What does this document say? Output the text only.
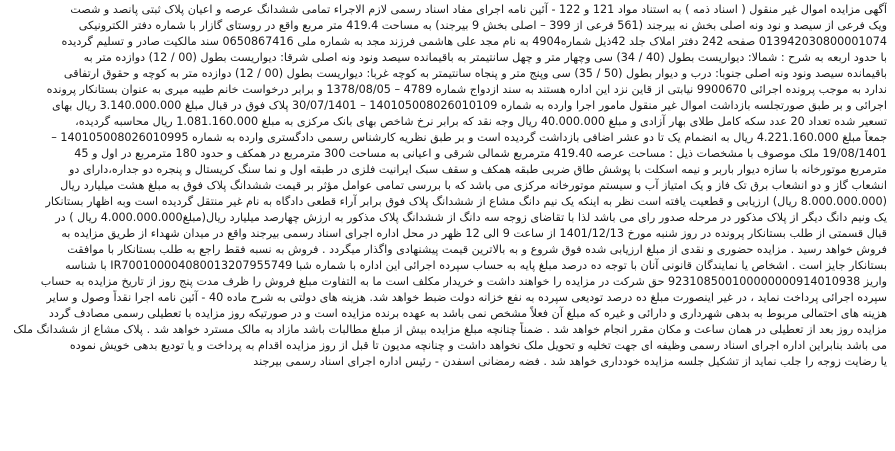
آگهی مزایده اموال غیر منقول ( اسناد ذمه ) به استناد مواد 121 و 122 - آئین نامه اجرای مفاد اسناد رسمی لازم الاجراء تمامی ششدانگ عرصه و اعیان پلاک ثبتی پانصد و شصت
ویک فرعی از سیصد و نود ونه اصلی بخش نه بیرجند (561 فرعی از 399 – اصلی بخش 9 بیرجند) به مساحت 419.4 متر مربع واقع در روستای گازار با شماره دفتر الکترونیکی
013942030800001074 صفحه 242 دفتر املاک جلد 42ذیل شماره4904 به نام مجد علی هاشمی فرزند مجد به شماره ملی 0650867416 سند مالکیت صادر و تسلیم گردیده
با حدود اربعه به شرح : شمالا: دیواریست بطول (40 / 34) سی وچهار متر و چهل سانتیمتر به باقیمانده سیصد ونود ونه اصلی شرقا: دیواریست بطول (00 / 12) دوازده متر به
باقیمانده سیصد ونود ونه اصلی جنوبا: درب و دیوار بطول (50 / 35) سی وپنج متر و پنجاه سانتیمتر به کوچه غربا: دیواریست بطول (00 / 12) دوازده متر به کوچه و حقوق ارتفاقی
ندارد به موجب پرونده اجرائی 9900670 نیابتی از قاین نزد این اداره هستند به سند ازدواج شماره 4789 – 1378/08/05 و برابر درخواست خانم طیبه میری به عنوان بستانکار پرونده
اجرائی و بر طبق صورتجلسه بازداشت اموال غیر منقول مامور اجرا وارده به شماره 140105008026010109 – 30/07/1401 پلاک فوق در قبال مبلغ 3.140.000.000 ریال بهای
تسعیر شده تعداد 20 عدد سکه کامل طلای بهار آزادی و مبلغ 40.000.000 ریال وجه نقد که برابر نرخ شاخص بهای بانک مرکزی به مبلغ 1.081.160.000 ریال محاسبه گردیده،
جمعاً مبلغ 4.221.160.000 ریال به انضمام یک تا دو عشر اضافی بازداشت گردیده است و بر طبق نظریه کارشناس رسمی دادگستری وارده به شماره 140105008026010995 –
19/08/1401 ملک موصوف با مشخصات ذیل : مساحت عرصه 419.40 مترمربع شمالی شرقی و اعیانی به مساحت 300 مترمربع در همکف و حدود 180 مترمربع در اول و 45
مترمربع موتورخانه با سازه دیوار باربر و نیمه اسکلت با پوشش طاق ضربی طبقه همکف و سقف سبک ایرانیت فلزی در طبقه اول و نما سنگ کریستال و پنجره دو جداره،دارای دو
انشعاب گاز و دو انشعاب برق تک فاز و یک امتیاز آب و سیستم موتورخانه مرکزی می باشد که با بررسی تمامی عوامل مؤثر بر قیمت ششدانگ پلاک فوق به مبلغ هشت میلیارد ریال
(8.000.000.000 ریال) ارزیابی و قطعیت یافته است نظر به اینکه یک نیم دانگ مشاع از ششدانگ پلاک فوق برابر آراء قطعی دادگاه به نام غیر منتقل گردیده است وبه اظهار بستانکار
یک ونیم دانگ دیگر از پلاک مذکور در مرحله صدور رای می باشد لذا با تقاضای زوجه سه دانگ از ششدانگ پلاک مذکور به ارزش چهارصد میلیارد ریال(مبلغ4.000.000.000 ریال ) در
قبال قسمتی از طلب بستانکار پرونده در روز شنبه مورخ 1401/12/13 از ساعت 9 الی 12 ظهر در محل اداره اجرای اسناد رسمی بیرجند واقع در میدان شهداء از طریق مزایده به
فروش خواهد رسید . مزایده حضوری و نقدی از مبلغ ارزیابی شده فوق شروع و به بالاترین قیمت پیشنهادی واگذار میگردد . فروش به نسبه فقط راجع به طلب بستانکار با موافقت
بستانکار جایز است . اشخاص یا نمایندگان قانونی آنان با توجه ده درصد مبلغ پایه به حساب سپرده اجرائی این اداره با شماره شبا IR700100004080013207955749 با شناسه
واریز 923108500100000000914010938 حق شرکت در مزایده را خواهند داشت و خریدار مکلف است ما به التفاوت مبلغ فروش را ظرف مدت پنج روز از تاریخ مزایده به حساب
سپرده اجرائی پرداخت نماید ، در غیر اینصورت مبلغ ده درصد تودیعی سپرده به نفع خزانه دولت ضبط خواهد شد. هزینه های دولتی به شرح ماده 40 - آئین نامه اجرا نقداً وصول و سایر
هزینه های احتمالی مربوط به بدهی شهرداری و دارائی و غیره که مبلغ آن فعلاً مشخص نمی باشد به عهده برنده مزایده است و در صورتیکه روز مزایده با تعطیلی رسمی مصادف گردد
مزایده روز بعد از تعطیلی در همان ساعت و مکان مقرر انجام خواهد شد . ضمناً چنانچه مبلغ مزایده بیش از مبلغ مطالبات باشد مازاد به مالک مسترد خواهد شد . پلاک مشاع از ششدانگ ملک
می باشد بنابراین اداره اجرای اسناد رسمی وظیفه ای جهت تخلیه و تحویل ملک نخواهد داشت و چنانچه مدیون تا قبل از روز مزایده اقدام به پرداخت و یا تودیع بدهی خویش نموده
یا رضایت زوجه را جلب نماید از تشکیل جلسه مزایده خودداری خواهد شد . فضه رمضانی اسفدن - رئیس اداره اجرای اسناد رسمی بیرجند
